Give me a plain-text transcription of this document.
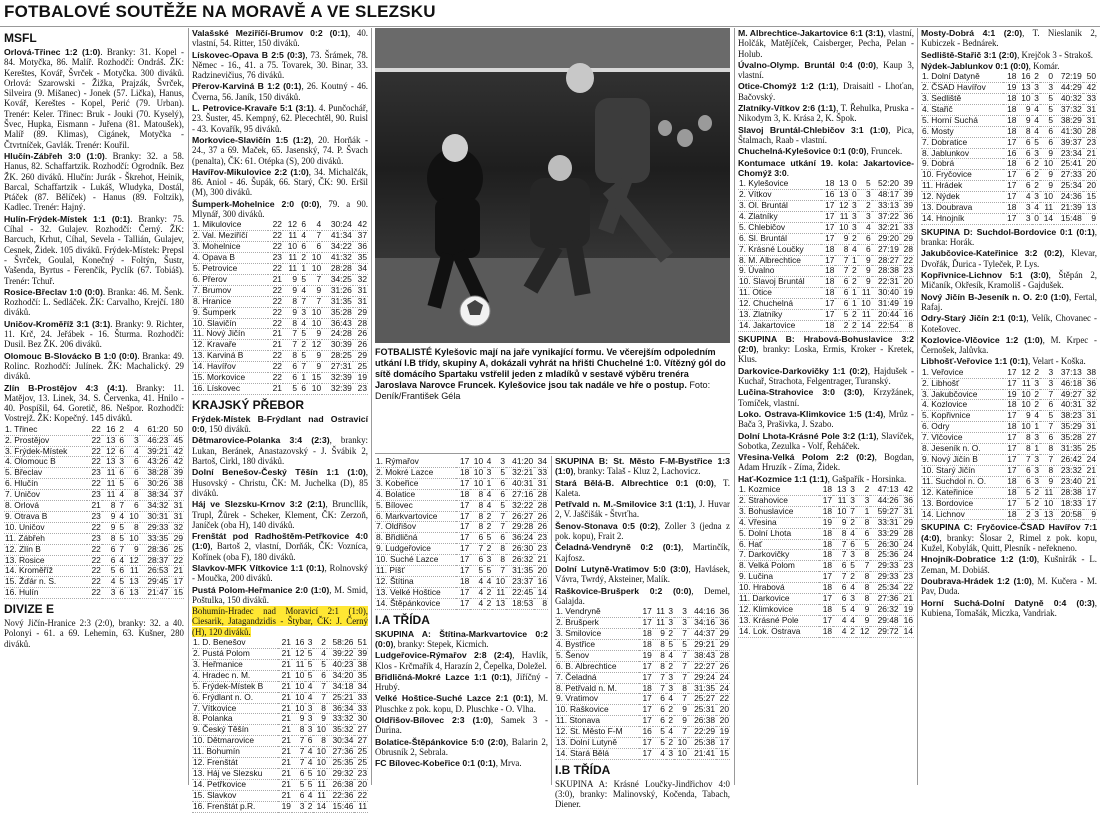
FOTBALOVÉ SOUTĚŽE NA MORAVĚ A VE SLEZSKU
MSFL

Orlová-Třinec 1:2 (1:0). Branky: 31. Kopel - 84. Motyčka, 86. Malíř. Rozhodčí: Ondráš. ŽK: Kereštes, Kovář, Švrček - Motyčka. 300 diváků. Orlová: Szarowski - Žižka, Prajzák, Švrček, Silveira (9. Mišanec) - Jonek (57. Lička), Hanus, Kovář, Kereštes - Kopel, Perić (79. Urban). Trenér: Keler. Třinec: Bruk - Jouki (70. Kyselý), Švec, Hupka, Eismann - Juřena (81. Matoušek), Malíř (89. Klimas), Cigánek, Motyčka - Čtvrtníček, Gavlák. Trenér: Kouřil.

Hlučín-Zábřeh 3:0 (1:0). Branky: 32. a 58. Hanus, 82. Schaffartzik. Rozhodčí: Ogrodník. Bez ŽK. 260 diváků. Hlučín: Jurák - Škrehot, Heinik, Barcal, Schaffartzik - Lukáš, Wludyka, Dostál, Ptáček (87. Bělíček) - Hanus (89. Foltzik), Kadlec. Trenér: Hajný.

Hulín-Frýdek-Místek 1:1 (0:1). Branky: 75. Cíhal - 32. Gulajev. Rozhodčí: Černý. ŽK: Barcuch, Krhut, Cíhal, Sevela - Tallián, Gulajev, Cesnek, Židek. 105 diváků. Frýdek-Místek: Prepsl - Švrček, Goulal, Konečný - Foltýn, Šustr, Vašenda, Byrtus - Ferenčík, Pyclík (67. Tobiáš). Trenér: Tchuř.

Rosice-Břeclav 1:0 (0:0). Branka: 46. M. Šenk. Rozhodčí: L. Sedláček. ŽK: Carvalho, Krejčí. 180 diváků.

Uničov-Kroměříž 3:1 (3:1). Branky: 9. Richter, 11. Krč, 24. Jeřábek - 16. Šturma. Rozhodčí: Dusil. Bez ŽK. 206 diváků.

Olomouc B-Slovácko B 1:0 (0:0). Branka: 49. Rolinc. Rozhodčí: Julínek. ŽK: Machalický. 29 diváků.

Zlín B-Prostějov 4:3 (4:1). Branky: 11. Matějov, 13. Linek, 34. S. Červenka, 41. Hnilo - 40. Pospíšil, 64. Goretič, 86. Nešpor. Rozhodčí: Vostrejž. ŽK: Kopečný. 145 diváků.

1. Třinec	22	16	2	4	61:20	50
2. Prostějov	22	13	6	3	46:23	45
3. Frýdek-Místek	22	12	6	4	39:21	42
4. Olomouc B	22	13	3	6	43:26	42
5. Břeclav	23	11	6	6	38:28	39
6. Hlučín	22	11	5	6	30:26	38
7. Uničov	23	11	4	8	38:34	37
8. Orlová	21	8	7	6	34:32	31
9. Otrava B	23	9	4	10	30:31	31
10. Uničov	22	9	5	8	29:33	32
11. Zábřeh	23	8	5	10	33:35	29
12. Zlín B	22	6	7	9	28:36	25
13. Rosice	22	6	4	12	28:37	22
14. Kroměříž	22	5	6	11	26:53	21
15. Žďár n. S.	22	4	5	13	29:45	17
16. Hulín	22	3	6	13	21:47	15
DIVIZE E

Nový Jičín-Hranice 2:3 (2:0), branky: 32. a 40. Polonyi - 61. a 69. Lehemin, 63. Kušner, 280 diváků.

Valašské Meziříčí-Brumov 0:2 (0:1), 40. vlastní, 54. Ritter, 150 diváků.

Lískovec-Opava B 2:5 (0:3), 73. Šrámek, 78. Němec - 16., 41. a 75. Tovarek, 30. Binar, 33. Radzinevičius, 76 diváků.

Přerov-Karviná B 1:2 (0:1), 26. Koutný - 46. Čverna, 56. Janík, 150 diváků.

L. Petrovice-Kravaře 5:1 (3:1). 4. Punčochář, 23. Šuster, 45. Kempný, 62. Plecechtěl, 90. Ruisl - 43. Kovařík, 95 diváků.

Morkovice-Slavičín 1:5 (1:2), 20. Horňák - 24., 37 a 69. Maček, 65. Jasenský, 74. P. Švach (penalta), ČK: 61. Otépka (S), 200 diváků.

Havířov-Mikulovice 2:2 (1:0), 34. Michalčák, 86. Aniol - 46. Šupák, 66. Starý, ČK: 90. Eršil (M), 300 diváků.

Šumperk-Mohelnice 2:0 (0:0), 79. a 90. Mlynář, 300 diváků.

1. Mikulovice	22	12	6	4	30:24	42
2. Val. Meziříčí	22	11	4	7	41:34	37
3. Mohelnice	22	10	6	6	34:22	36
4. Opava B	23	11	2	10	41:32	35
5. Petrovice	22	11	1	10	28:28	34
6. Přerov	21	9	5	7	34:25	32
7. Brumov	22	9	4	9	31:26	31
8. Hranice	22	8	7	7	31:35	31
9. Šumperk	22	9	3	10	35:28	29
10. Slavičín	22	8	4	10	36:43	28
11. Nový Jičín	21	7	5	9	24:28	26
12. Kravaře	21	7	2	12	30:39	26
13. Karviná B	22	8	5	9	28:25	29
14. Havířov	22	6	7	9	27:31	25
15. Morkovice	22	6	1	15	32:39	19
16. Lískovec	21	5	6	10	32:39	23
KRAJSKÝ PŘEBOR

Frýdek-Místek B-Frýdlant nad Ostravicí 0:0, 150 diváků.

Dětmarovice-Polanka 3:4 (2:3), branky: Lukan, Beránek, Anastazovský - J. Švábik 2, Bartoš, Cirkl, 180 diváků.

Dolní Benešov-Český Těšín 1:1 (1:0), Husovský - Christu, ČK: M. Juchelka (D), 85 diváků.

Háj ve Slezsku-Krnov 3:2 (2:1), Bruncllík, Trupl, Žůrek - Scheker, Klement, ČK: Zerzoň, Janíček (oba H), 140 diváků.

Frenštát pod Radhoštěm-Petřkovice 4:0 (1:0), Bartoš 2, vlastní, Dorňák, ČK: Vozníca, Kořínek (oba F), 180 diváků.

Slavkov-MFK Vítkovice 1:1 (0:1), Rolnovský - Moučka, 200 diváků.

Pustá Polom-Heřmanice 2:0 (1:0), M. Smid, Poštulka, 150 diváků.

Bohumín-Hradec nad Moravicí 2:1 (1:0), Ciesarik, Jatagandzidis - Štybar, ČK: J. Černý (H), 120 diváků.

1. D. Benešov	21	16	3	2	58:26	51
2. Pustá Polom	21	12	5	4	39:22	39
3. Heřmanice	21	11	5	5	40:23	38
4. Hradec n. M.	21	10	5	6	34:20	35
5. Frýdek-Místek B	21	10	4	7	34:18	34
6. Frýdlant n. O.	21	10	4	7	25:21	33
7. Vítkovice	21	10	3	8	36:34	33
8. Polanka	21	9	3	9	33:32	30
9. Český Těšín	21	8	3	10	35:32	27
10. Dětmarovice	21	7	6	8	30:34	27
11. Bohumín	21	7	4	10	27:36	25
12. Frenštát	21	7	4	10	25:35	25
13. Háj ve Slezsku	21	6	5	10	29:32	23
14. Petřkovice	21	5	5	11	26:38	20
15. Slavkov	21	6	4	11	22:36	22
16. Frenštát p.R.	19	3	2	14	15:46	11
FOTBALISTÉ Kylešovic mají na jaře vynikající formu. Ve včerejším odpoledním utkání I.B třídy, skupiny A, dokázali vyhrát na hřišti Chuchelné 1:0. Vítězný gól do sítě domácího Spartaku vstřelil jeden z mladíků v sestavě výběru trenéra Jaroslava Narovce Fruncek. Kylešovice jsou tak nadále ve hře o postup. Foto: Deník/František Géla
1. Rýmařov	17	10	4	3	41:20	34
2. Mokré Lazce	18	10	3	5	32:21	33
3. Kobeřice	17	10	1	6	40:31	31
4. Bolatice	18	8	4	6	27:16	28
5. Bílovec	17	8	4	5	32:22	28
6. Markvartovice	17	8	2	7	26:27	26
7. Oldřišov	17	8	2	7	29:28	26
8. Břidličná	17	6	5	6	36:24	23
9. Ludgeřovice	17	7	2	8	26:30	23
10. Suché Lazce	17	6	3	8	26:32	21
11. Píšť	17	5	5	7	31:35	20
12. Štítina	18	4	4	10	23:37	16
13. Velké Hoštice	17	4	2	11	22:45	14
14. Štěpánkovice	17	4	2	13	18:53	8
I.A TŘÍDA

SKUPINA A: Štítina-Markvartovice 0:2 (0:0), branky: Stepek, Kicmich.

Ludgeřovice-Rýmařov 2:8 (2:4), Havlík, Klos - Krčmařík 4, Harazín 2, Čepelka, Doležel.

Břidličná-Mokré Lazce 1:1 (0:1), Jiříčný - Hrubý.

Velké Hoštice-Suché Lazce 2:1 (0:1), M. Pluschke z pok. kopu, D. Pluschke - O. Vlha.

Oldřišov-Bílovec 2:3 (1:0), Samek 3 - Ďurina.

Bolatice-Štěpánkovice 5:0 (2:0), Balarin 2, Obrusník 2, Sebrala.

FC Bílovec-Kobeřice 0:1 (0:1), Mrva.

SKUPINA B: St. Město F-M-Bystřice 1:3 (1:0), branky: Talaš - Kluz 2, Lachovicz.

Stará Bělá-B. Albrechtice 0:1 (0:0), T. Kaleta.

Petřvald n. M.-Smilovice 3:1 (1:1), J. Huvar 2, V. Jaščišák - Štvrťha.

Šenov-Stonava 0:5 (0:2), Zoller 3 (jedna z pok. kopu), Frait 2.

Čeladná-Vendryně 0:2 (0:1), Martinčík, Kajfosz.

Dolní Lutyně-Vratimov 5:0 (3:0), Havlásek, Vávra, Twrdý, Aksteiner, Malík.

Raškovice-Brušperk 0:2 (0:0), Demel, Galajda.

1. Vendryně	17	11	3	3	44:16	36
2. Brušperk	17	11	3	3	34:16	36
3. Smilovice	18	9	2	7	44:37	29
4. Bystřice	18	8	5	5	29:21	29
5. Šenov	19	8	4	7	38:43	28
6. B. Albrechtice	17	8	2	7	22:27	26
7. Čeladná	17	7	3	7	29:24	24
8. Petřvald n. M.	18	7	3	8	31:35	24
9. Vratimov	17	6	4	7	25:27	22
10. Raškovice	17	6	2	9	25:31	20
11. Stonava	17	6	2	9	26:38	20
12. St. Město F-M	16	5	4	7	22:29	19
13. Dolní Lutyně	17	5	2	10	25:38	17
14. Stará Bělá	17	4	3	10	21:41	15
I.B TŘÍDA

SKUPINA A: Krásné Loučky-Jindřichov 4:0 (3:0), branky: Malinovský, Kočenda, Tabach, Diener.

M. Albrechtice-Jakartovice 6:1 (3:1), vlastní, Holčák, Matějíček, Caisberger, Pecha, Pelan - Holub.

Úvalno-Olymp. Bruntál 0:4 (0:0), Kaup 3, vlastní.

Otice-Chomýž 1:2 (1:1), Draisaitl - Lhoťan, Bačovský.

Zlatníky-Vítkov 2:6 (1:1), T. Řehulka, Pruska - Nikodym 3, K. Krása 2, K. Špok.

Slavoj Bruntál-Chlebičov 3:1 (1:0), Pica, Štalmach, Raab - vlastní.

Chuchelná-Kylešovice 0:1 (0:0), Fruncek.

Kontumace utkání 19. kola: Jakartovice-Chomýž 3:0.

1. Kylešovice	18	13	0	5	52:20	39
2. Vítkov	16	13	0	3	48:17	39
3. Ol. Bruntál	17	12	3	2	33:13	39
4. Zlatníky	17	11	3	3	37:22	36
5. Chlebičov	17	10	3	4	32:21	33
6. Sl. Bruntál	17	9	2	6	29:20	29
7. Krásné Loučky	18	8	4	6	27:19	28
8. M. Albrechtice	17	7	1	9	28:27	22
9. Úvalno	18	7	2	9	28:38	23
10. Slavoj Bruntál	18	6	2	9	22:31	20
11. Otice	18	6	1	11	30:40	19
12. Chuchelná	17	6	1	10	31:49	19
13. Zlatníky	17	5	2	11	20:44	16
14. Jakartovice	18	2	2	14	22:54	8

SKUPINA B: Hrabová-Bohuslavice 3:2 (2:0), branky: Loska, Ermis, Kroker - Kretek, Klus.

Darkovice-Darkovičky 1:1 (0:2), Hajdušek - Kuchař, Strachota, Felgentrager, Turanský.

Lučina-Strahovice 3:0 (3:0), Krzyžánek, Tomíček, vlastní.

Loko. Ostrava-Klimkovice 1:5 (1:4), Mrůz - Bača 3, Prašivka, J. Szabo.

Dolní Lhota-Krásné Pole 3:2 (1:1), Slavíček, Sobotka, Zezulka - Volf, Řeháček.

Vřesina-Velká Polom 2:2 (0:2), Bogdan, Adam Hruzík - Zíma, Židek.

Hať-Kozmice 1:1 (1:1), Gašpařík - Horsinka.

1. Kozmice	18	13	3	2	47:13	42
2. Strahovice	17	11	3	3	44:26	36
3. Bohuslavice	18	10	7	1	59:27	31
4. Vřesina	19	9	2	8	33:31	29
5. Dolní Lhota	18	8	4	6	33:29	28
6. Hať	18	7	6	5	26:30	24
7. Darkovičky	18	7	3	8	25:36	24
8. Velká Polom	18	6	5	7	29:33	23
9. Lučina	17	7	2	8	29:33	23
10. Hrabová	18	6	4	8	25:34	22
11. Darkovice	17	6	3	8	27:36	21
12. Klimkovice	18	5	4	9	26:32	19
13. Krásné Pole	17	4	4	9	29:48	16
14. Lok. Ostrava	18	4	2	12	29:72	14

Mosty-Dobrá 4:1 (2:0), T. Nieslanik 2, Kubiczek - Bednárek.

Sedliště-Stařič 3:1 (2:0), Krejčok 3 - Strakoš.

Nýdek-Jablunkov 0:1 (0:0), Komár.

1. Dolní Datyně	18	16	2	0	72:19	50
2. ČSAD Havířov	19	13	3	3	44:29	42
3. Sedliště	18	10	3	5	40:32	33
4. Stařič	18	9	4	5	37:32	31
5. Horní Suchá	18	9	4	5	38:29	31
6. Mosty	18	8	4	6	41:30	28
7. Dobratice	17	6	5	6	39:37	23
8. Jablunkov	16	6	3	9	23:34	21
9. Dobrá	18	6	2	10	25:41	20
10. Fryčovice	17	6	2	9	27:33	20
11. Hrádek	17	6	2	9	25:34	20
12. Nýdek	17	4	3	10	24:36	15
13. Doubrava	18	3	4	11	21:39	13
14. Hnojník	17	3	0	14	15:48	9

SKUPINA D: Suchdol-Bordovice 0:1 (0:1), branka: Horák.

Jakubčovice-Kateřinice 3:2 (0:2), Klevar, Dvořák, Ďurica - Tyleček, P. Lys.

Kopřivnice-Lichnov 5:1 (3:0), Štěpán 2, Mičaník, Okřesík, Kramoliš - Gajdušek.

Nový Jičín B-Jeseník n. O. 2:0 (1:0), Fertal, Rafaj.

Odry-Starý Jičín 2:1 (0:1), Velík, Chovanec - Kotešovec.

Kozlovice-Vlčovice 1:2 (1:0), M. Krpec - Černošek, Jalůvka.

Libhošť-Veřovice 1:1 (0:1), Velart - Koška.

1. Veřovice	17	12	2	3	37:13	38
2. Libhošť	17	11	3	3	46:18	36
3. Jakubčovice	19	10	2	7	49:27	32
4. Kozlovice	18	10	2	6	40:31	32
5. Kopřivnice	17	9	4	5	38:23	31
6. Odry	18	10	1	7	35:29	31
7. Vlčovice	17	8	3	6	35:28	27
8. Jeseník n. O.	17	8	1	8	31:35	25
9. Nový Jičín B	17	7	3	7	26:42	24
10. Starý Jičín	17	6	3	8	23:32	21
11. Suchdol n. O.	18	6	3	9	23:40	21
12. Kateřinice	18	5	2	11	28:38	17
13. Bordovice	17	5	2	10	18:33	17
14. Lichnov	18	2	3	13	20:58	9

SKUPINA C: Fryčovice-ČSAD Havířov 7:1 (4:0), branky: Šlosar 2, Rimel z pok. kopu, Kužel, Kobylák, Quitt, Plesník - neřekneno.

Hnojník-Dobratice 1:2 (1:0), Kušnirák - L. Zeman, M. Dobiáš.

Doubrava-Hrádek 1:2 (1:0), M. Kučera - M. Pav, Duda.

Horní Suchá-Dolní Datyně 0:4 (0:3), Kubiena, Tomašák, Miczka, Vandriak.
